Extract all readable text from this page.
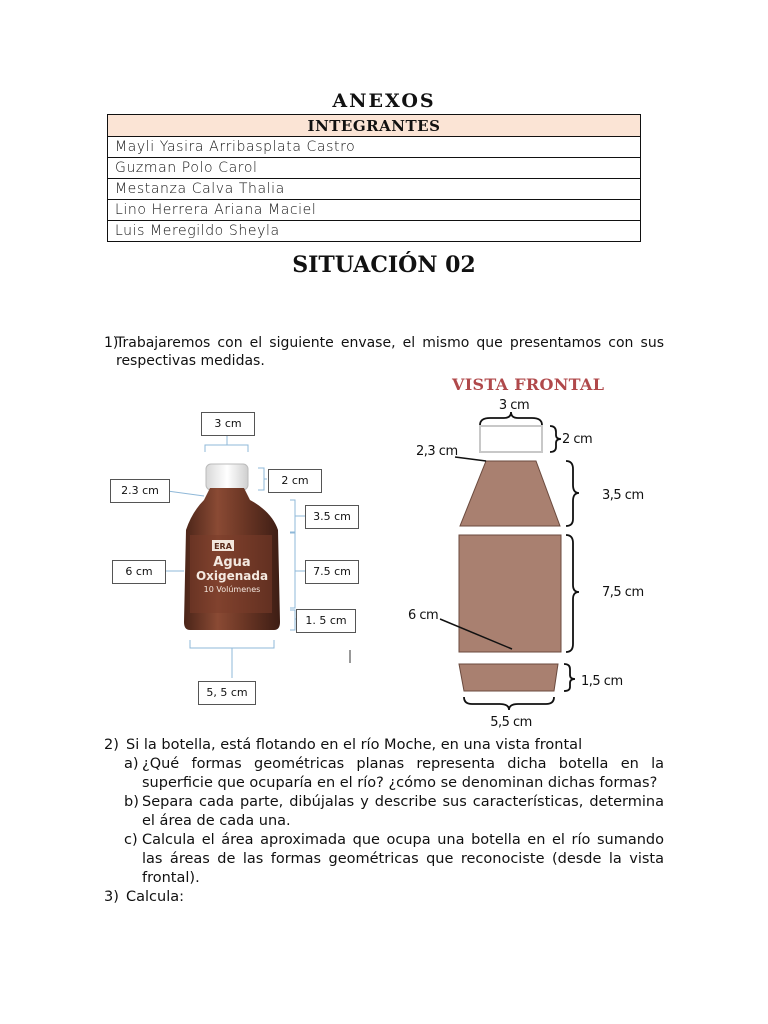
ANEXOS
INTEGRANTES
Mayli Yasira Arribasplata Castro
Guzman Polo Carol
Mestanza Calva Thalia
Lino Herrera Ariana Maciel
Luis Meregildo Sheyla
SITUACIÓN 02
1)
Trabajaremos con el siguiente envase, el mismo que presentamos con sus respectivas medidas.
ERA
Agua
Oxigenada
10 Volúmenes
3 cm
2 cm
2.3 cm
3.5 cm
6 cm	7.5 cm
1. 5 cm
5, 5 cm
VISTA FRONTAL
3 cm
2 cm
2,3 cm
3,5 cm
6 cm
7,5 cm
1,5 cm
5,5 cm
2) Si la botella, está flotando en el río Moche, en una vista frontal
a) ¿Qué formas geométricas planas representa dicha botella en la superficie que ocuparía en el río? ¿cómo se denominan dichas formas?
b) Separa cada parte, dibújalas y describe sus características, determina el área de cada una.
c) Calcula el área aproximada que ocupa una botella en el río sumando las áreas de las formas geométricas que reconociste (desde la vista frontal).
3) Calcula:
